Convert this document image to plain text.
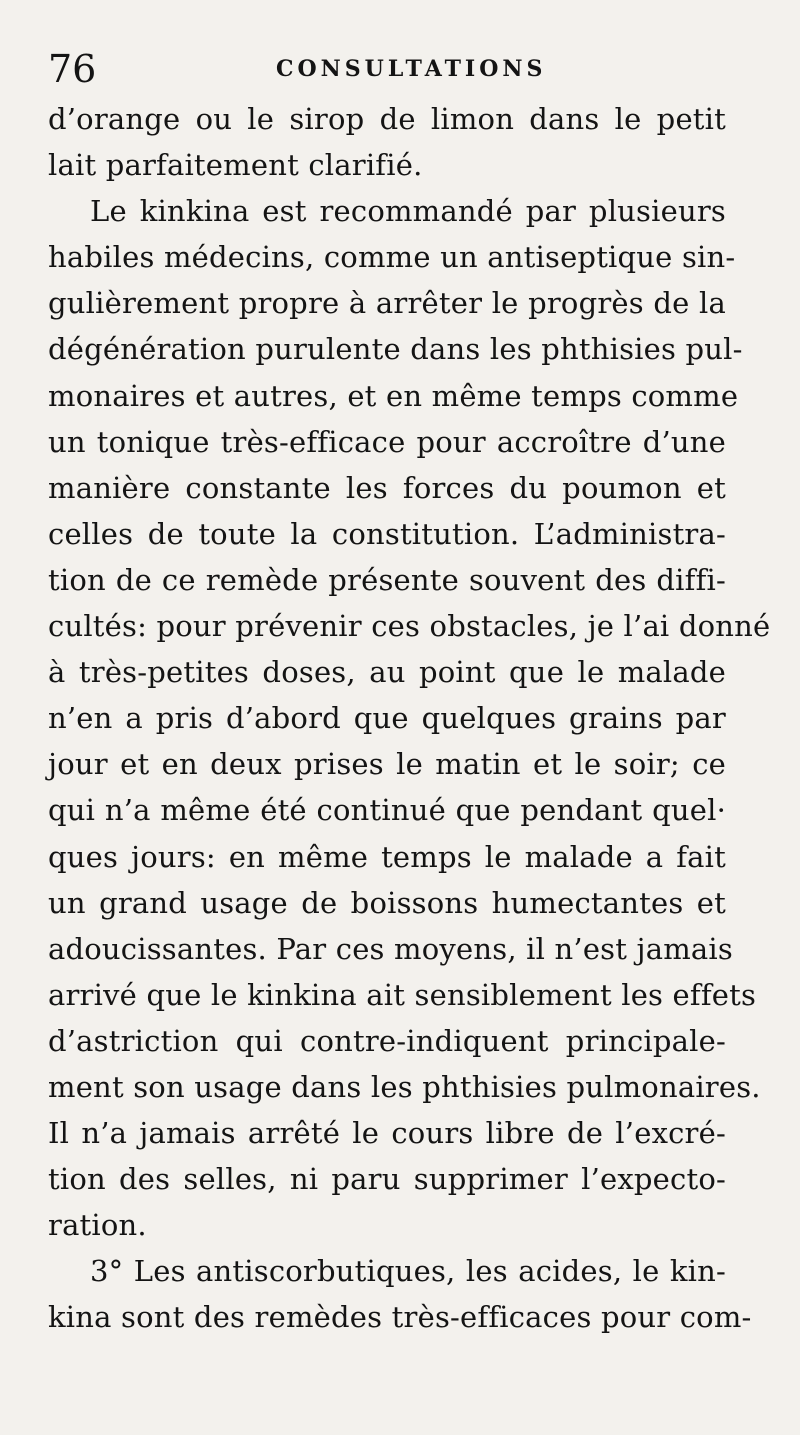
76	CONSULTATIONS
d’orange ou le sirop de limon dans le petit
lait parfaitement clarifié.
Le kinkina est recommandé par plusieurs
habiles médecins, comme un antiseptique sin-
gulièrement propre à arrêter le progrès de la
dégénération purulente dans les phthisies pul-
monaires et autres, et en même temps comme
un tonique très-efficace pour accroître d’une
manière constante les forces du poumon et
celles de toute la constitution. L’administra-
tion de ce remède présente souvent des diffi-
cultés: pour prévenir ces obstacles, je l’ai donné
à très-petites doses, au point que le malade
n’en a pris d’abord que quelques grains par
jour et en deux prises le matin et le soir; ce
qui n’a même été continué que pendant quel·
ques jours: en même temps le malade a fait
un grand usage de boissons humectantes et
adoucissantes. Par ces moyens, il n’est jamais
arrivé que le kinkina ait sensiblement les effets
d’astriction qui contre-indiquent principale-
ment son usage dans les phthisies pulmonaires.
Il n’a jamais arrêté le cours libre de l’excré-
tion des selles, ni paru supprimer l’expecto-
ration.
3° Les antiscorbutiques, les acides, le kin-
kina sont des remèdes très-efficaces pour com-
